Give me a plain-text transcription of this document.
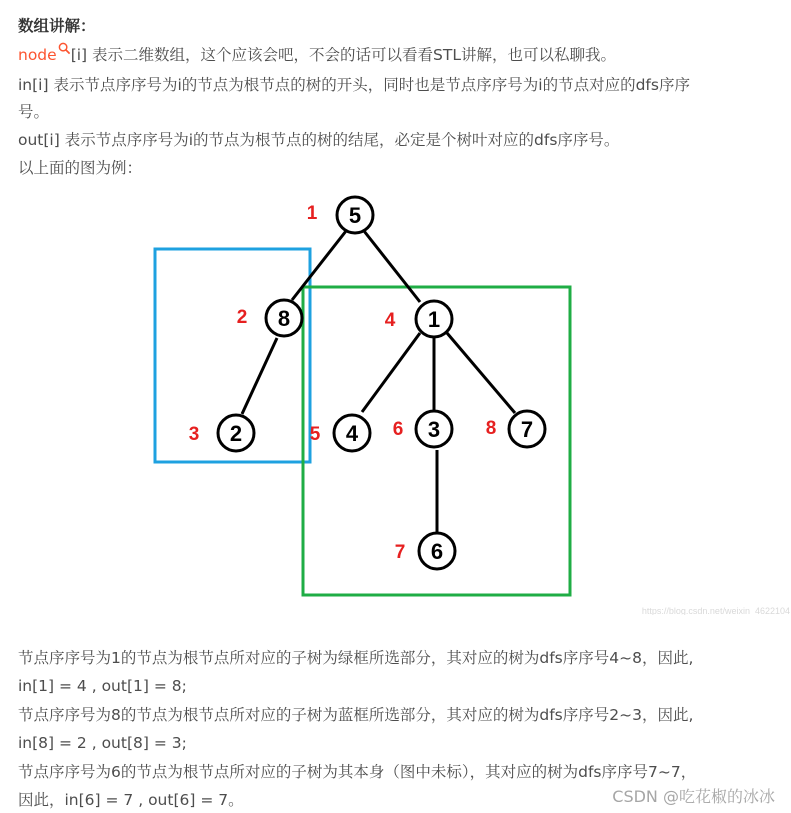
数组讲解：
node [i] 表示二维数组，这个应该会吧，不会的话可以看看STL讲解，也可以私聊我。
in[i] 表示节点序序号为i的节点为根节点的树的开头，同时也是节点序序号为i的节点对应的dfs序序
号。
out[i] 表示节点序序号为i的节点为根节点的树的结尾，必定是个树叶对应的dfs序序号。
以上面的图为例：
5
8
2
1
4	3	7
6
1
2
3
4
5	6
7
8
https://blog.csdn.net/weixin_4622104
节点序序号为1的节点为根节点所对应的子树为绿框所选部分，其对应的树为dfs序序号4~8，因此,
in[1] = 4 , out[1] = 8;
节点序序号为8的节点为根节点所对应的子树为蓝框所选部分，其对应的树为dfs序序号2~3，因此,
in[8] = 2 , out[8] = 3;
节点序序号为6的节点为根节点所对应的子树为其本身（图中未标），其对应的树为dfs序序号7~7，
因此，in[6] = 7 , out[6] = 7。	CSDN @吃花椒的冰冰
